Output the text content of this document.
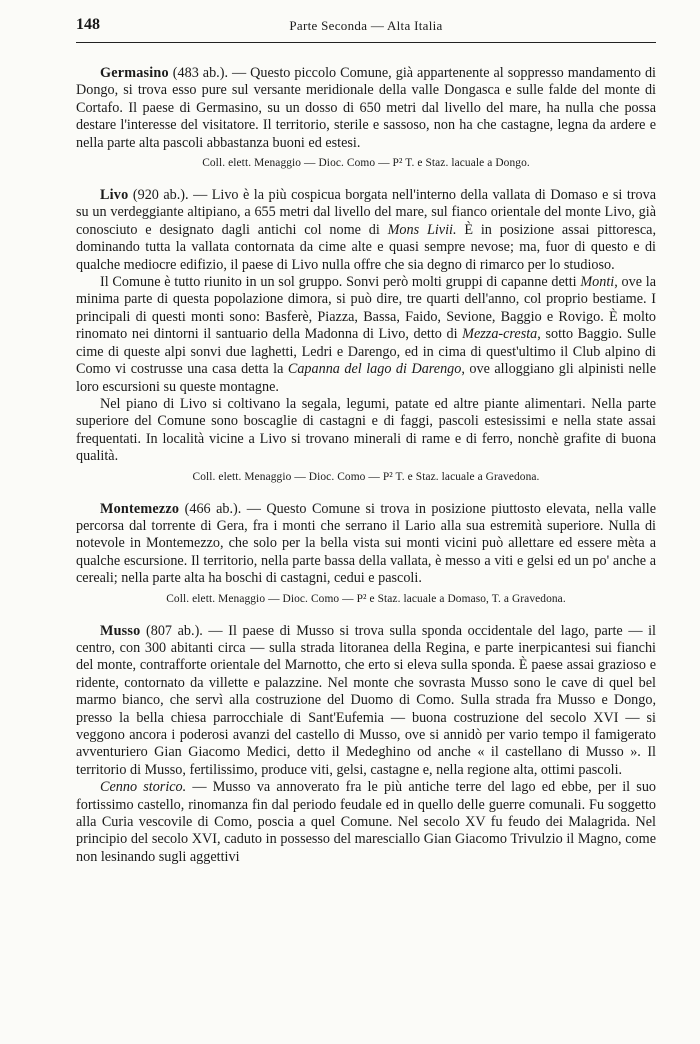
148	Parte Seconda — Alta Italia

Germasino (483 ab.). — Questo piccolo Comune, già appartenente al soppresso mandamento di Dongo, si trova esso pure sul versante meridionale della valle Dongasca e sulle falde del monte di Cortafo. Il paese di Germasino, su un dosso di 650 metri dal livello del mare, ha nulla che possa destare l'interesse del visitatore. Il territorio, sterile e sassoso, non ha che castagne, legna da ardere e nella parte alta pascoli abbastanza buoni ed estesi.

Coll. elett. Menaggio — Dioc. Como — P² T. e Staz. lacuale a Dongo.

Livo (920 ab.). — Livo è la più cospicua borgata nell'interno della vallata di Domaso e si trova su un verdeggiante altipiano, a 655 metri dal livello del mare, sul fianco orientale del monte Livo, già conosciuto e designato dagli antichi col nome di Mons Livii. È in posizione assai pittoresca, dominando tutta la vallata contornata da cime alte e quasi sempre nevose; ma, fuor di questo e di qualche mediocre edifizio, il paese di Livo nulla offre che sia degno di rimarco per lo studioso.

Il Comune è tutto riunito in un sol gruppo. Sonvi però molti gruppi di capanne detti Monti, ove la minima parte di questa popolazione dimora, si può dire, tre quarti dell'anno, col proprio bestiame. I principali di questi monti sono: Basferè, Piazza, Bassa, Faido, Sevione, Baggio e Rovigo. È molto rinomato nei dintorni il santuario della Madonna di Livo, detto di Mezza-cresta, sotto Baggio. Sulle cime di queste alpi sonvi due laghetti, Ledri e Darengo, ed in cima di quest'ultimo il Club alpino di Como vi costrusse una casa detta la Capanna del lago di Darengo, ove alloggiano gli alpinisti nelle loro escursioni su queste montagne.

Nel piano di Livo si coltivano la segala, legumi, patate ed altre piante alimentari. Nella parte superiore del Comune sono boscaglie di castagni e di faggi, pascoli estesissimi e nella state assai frequentati. In località vicine a Livo si trovano minerali di rame e di ferro, nonchè grafite di buona qualità.

Coll. elett. Menaggio — Dioc. Como — P² T. e Staz. lacuale a Gravedona.

Montemezzo (466 ab.). — Questo Comune si trova in posizione piuttosto elevata, nella valle percorsa dal torrente di Gera, fra i monti che serrano il Lario alla sua estremità superiore. Nulla di notevole in Montemezzo, che solo per la bella vista sui monti vicini può allettare ed essere mèta a qualche escursione. Il territorio, nella parte bassa della vallata, è messo a viti e gelsi ed un po' anche a cereali; nella parte alta ha boschi di castagni, cedui e pascoli.

Coll. elett. Menaggio — Dioc. Como — P² e Staz. lacuale a Domaso, T. a Gravedona.

Musso (807 ab.). — Il paese di Musso si trova sulla sponda occidentale del lago, parte — il centro, con 300 abitanti circa — sulla strada litoranea della Regina, e parte inerpicantesi sui fianchi del monte, contrafforte orientale del Marnotto, che erto si eleva sulla sponda. È paese assai grazioso e ridente, contornato da villette e palazzine. Nel monte che sovrasta Musso sono le cave di quel bel marmo bianco, che servì alla costruzione del Duomo di Como. Sulla strada fra Musso e Dongo, presso la bella chiesa parrocchiale di Sant'Eufemia — buona costruzione del secolo XVI — si veggono ancora i poderosi avanzi del castello di Musso, ove si annidò per vario tempo il famigerato avventuriero Gian Giacomo Medici, detto il Medeghino od anche « il castellano di Musso ». Il territorio di Musso, fertilissimo, produce viti, gelsi, castagne e, nella regione alta, ottimi pascoli.

Cenno storico. — Musso va annoverato fra le più antiche terre del lago ed ebbe, per il suo fortissimo castello, rinomanza fin dal periodo feudale ed in quello delle guerre comunali. Fu soggetto alla Curia vescovile di Como, poscia a quel Comune. Nel secolo XV fu feudo dei Malagrida. Nel principio del secolo XVI, caduto in possesso del maresciallo Gian Giacomo Trivulzio il Magno, come non lesinando sugli aggettivi
